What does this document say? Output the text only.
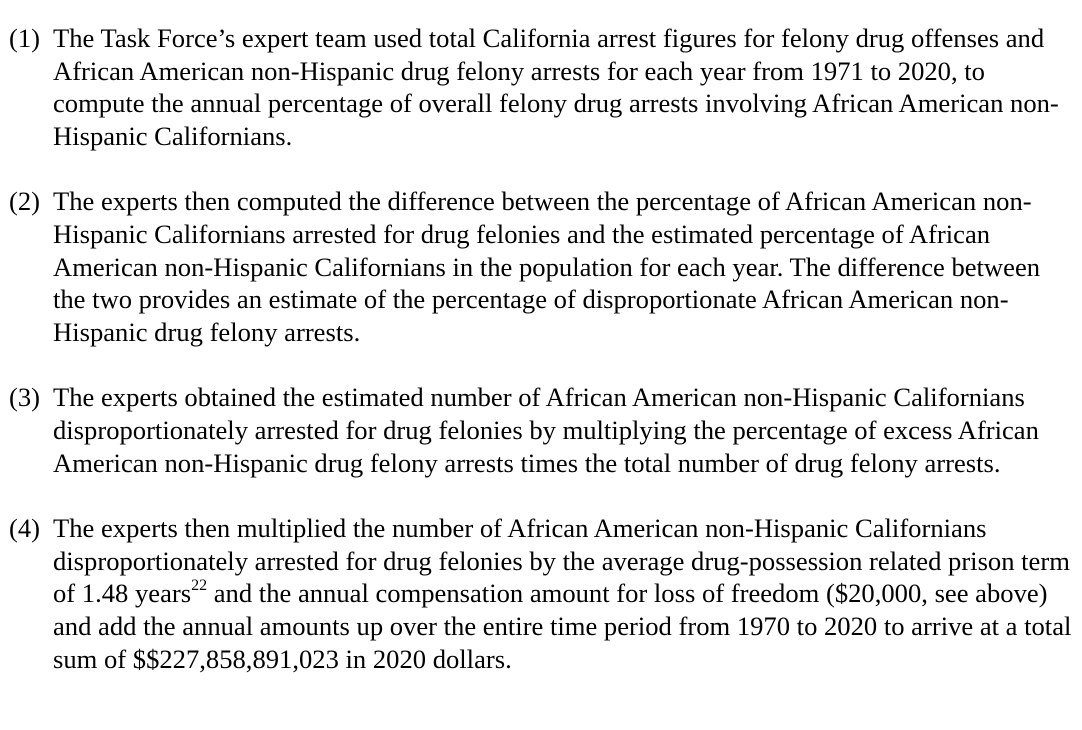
(1) The Task Force’s expert team used total California arrest figures for felony drug offenses and African American non-Hispanic drug felony arrests for each year from 1971 to 2020, to compute the annual percentage of overall felony drug arrests involving African American non-Hispanic Californians.

(2) The experts then computed the difference between the percentage of African American non-Hispanic Californians arrested for drug felonies and the estimated percentage of African American non-Hispanic Californians in the population for each year. The difference between the two provides an estimate of the percentage of disproportionate African American non-Hispanic drug felony arrests.

(3) The experts obtained the estimated number of African American non-Hispanic Californians disproportionately arrested for drug felonies by multiplying the percentage of excess African American non-Hispanic drug felony arrests times the total number of drug felony arrests.

(4) The experts then multiplied the number of African American non-Hispanic Californians disproportionately arrested for drug felonies by the average drug-possession related prison term of 1.48 years$^{22}$ and the annual compensation amount for loss of freedom ($20,000, see above) and add the annual amounts up over the entire time period from 1970 to 2020 to arrive at a total sum of $$227,858,891,023 in 2020 dollars.
